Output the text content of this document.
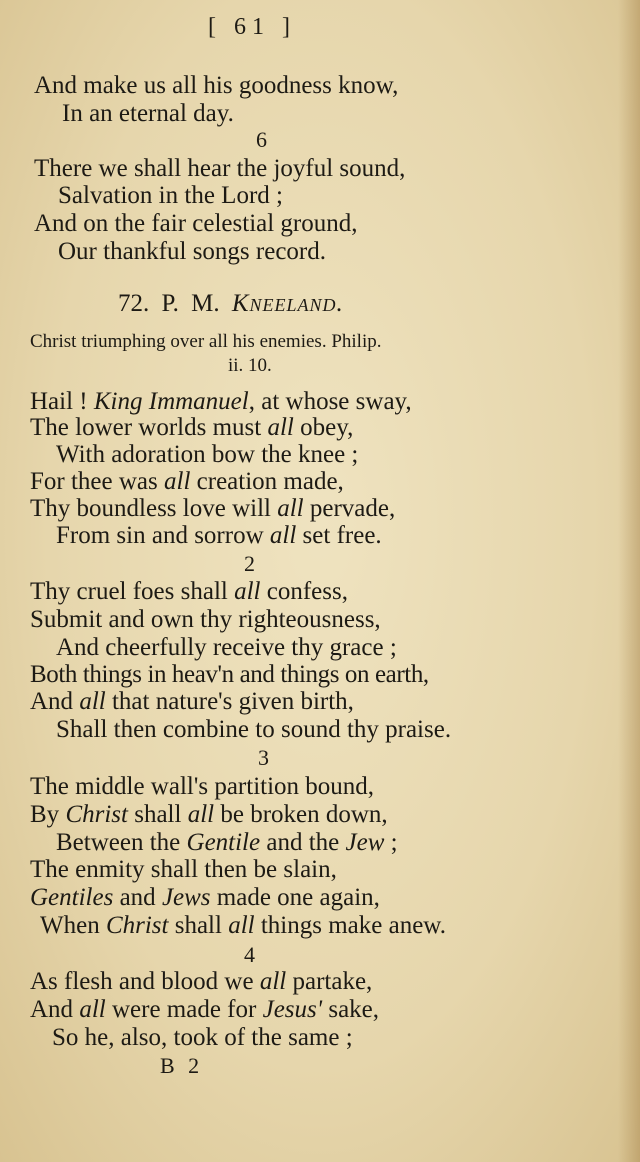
[ 61 ]
And make us all his goodness know,
In an eternal day.
6
There we shall hear the joyful sound,
Salvation in the Lord ;
And on the fair celestial ground,
Our thankful songs record.
72. P. M. Kneeland.
Christ triumphing over all his enemies. Philip.
ii. 10.
Hail ! King Immanuel, at whose sway,
The lower worlds must all obey,
With adoration bow the knee ;
For thee was all creation made,
Thy boundless love will all pervade,
From sin and sorrow all set free.
2
Thy cruel foes shall all confess,
Submit and own thy righteousness,
And cheerfully receive thy grace ;
Both things in heav'n and things on earth,
And all that nature's given birth,
Shall then combine to sound thy praise.
3
The middle wall's partition bound,
By Christ shall all be broken down,
Between the Gentile and the Jew ;
The enmity shall then be slain,
Gentiles and Jews made one again,
When Christ shall all things make anew.
4
As flesh and blood we all partake,
And all were made for Jesus' sake,
So he, also, took of the same ;
B 2
